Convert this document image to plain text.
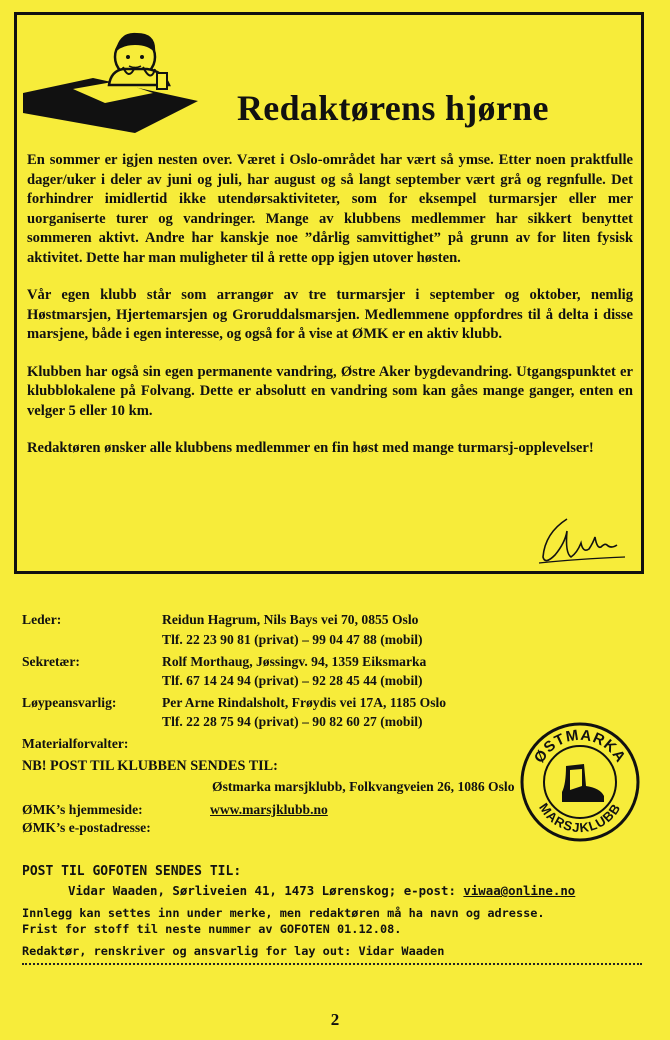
Redaktørens hjørne

En sommer er igjen nesten over. Været i Oslo-området har vært så ymse. Etter noen praktfulle dager/uker i deler av juni og juli, har august og så langt september vært grå og regnfulle. Det forhindrer imidlertid ikke utendørsaktiviteter, som for eksempel turmarsjer eller mer uorganiserte turer og vandringer. Mange av klubbens medlemmer har sikkert benyttet sommeren aktivt. Andre har kanskje noe ”dårlig samvittighet” på grunn av for liten fysisk aktivitet. Dette har man muligheter til å rette opp igjen utover høsten.

Vår egen klubb står som arrangør av tre turmarsjer i september og oktober, nemlig Høstmarsjen, Hjertemarsjen og Groruddalsmarsjen. Medlemmene oppfordres til å delta i disse marsjene, både i egen interesse, og også for å vise at ØMK er en aktiv klubb.

Klubben har også sin egen permanente vandring, Østre Aker bygdevandring. Utgangspunktet er klubblokalene på Folvang. Dette er absolutt en vandring som kan gåes mange ganger, enten en velger 5 eller 10 km.

Redaktøren ønsker alle klubbens medlemmer en fin høst med mange turmarsj-opplevelser!

Leder:	Reidun Hagrum, Nils Bays vei 70, 0855 Oslo
Tlf. 22 23 90 81 (privat) – 99 04 47 88 (mobil)
Sekretær:	Rolf Morthaug, Jøssingv. 94, 1359 Eiksmarka
Tlf. 67 14 24 94 (privat) – 92 28 45 44 (mobil)
Løypeansvarlig:	Per Arne Rindalsholt, Frøydis vei 17A, 1185 Oslo
Tlf. 22 28 75 94 (privat) – 90 82 60 27 (mobil)
Materialforvalter:
NB! POST TIL KLUBBEN SENDES TIL:
Østmarka marsjklubb, Folkvangveien 26, 1086 Oslo
ØMK’s hjemmeside:	www.marsjklubb.no
ØMK’s e-postadresse:
ØSTMARKA
MARSJKLUBB
POST TIL GOFOTEN SENDES TIL:
Vidar Waaden, Sørliveien 41, 1473 Lørenskog; e-post: viwaa@online.no
Innlegg kan settes inn under merke, men redaktøren må ha navn og adresse.
Frist for stoff til neste nummer av GOFOTEN 01.12.08.
Redaktør, renskriver og ansvarlig for lay out: Vidar Waaden
2
